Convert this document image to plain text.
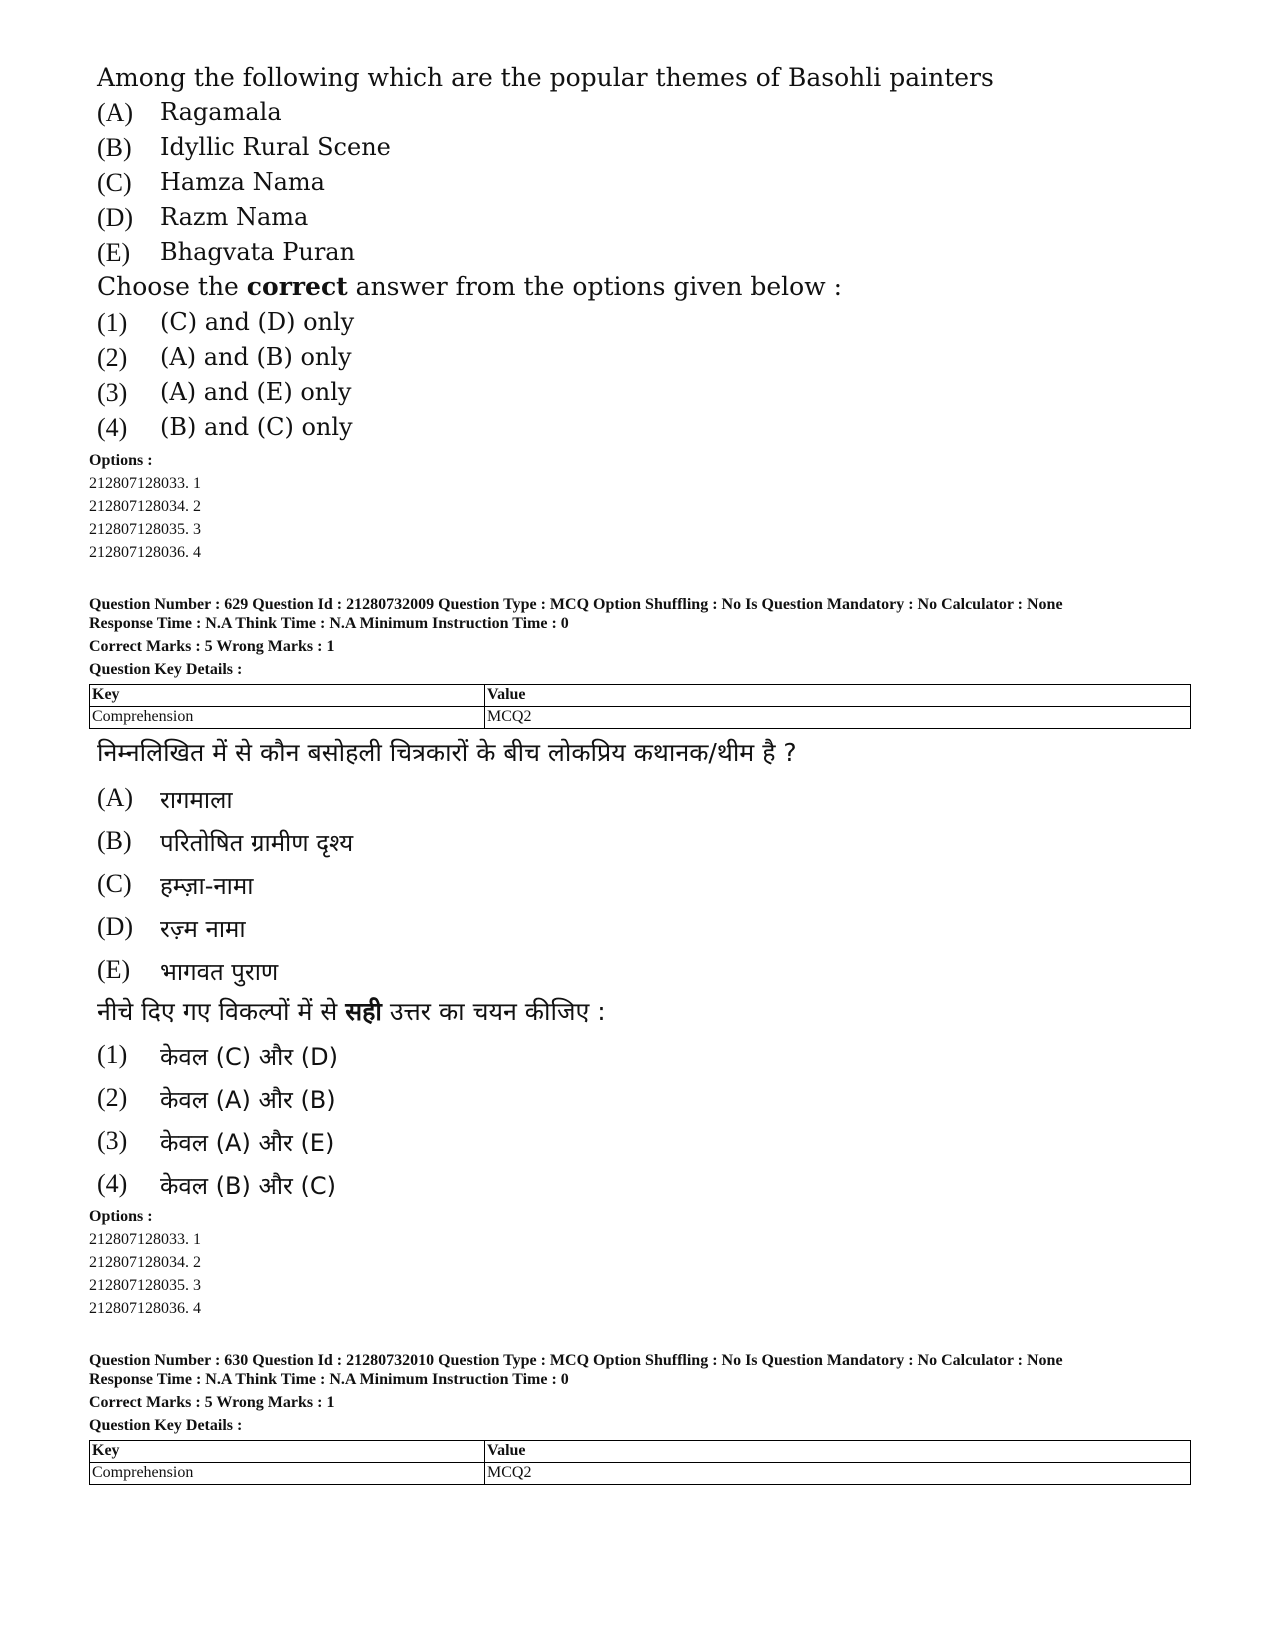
Among the following which are the popular themes of Basohli painters
(A) Ragamala
(B) Idyllic Rural Scene
(C) Hamza Nama
(D) Razm Nama
(E) Bhagvata Puran
Choose the correct answer from the options given below :
(1) (C) and (D) only
(2) (A) and (B) only
(3) (A) and (E) only
(4) (B) and (C) only
Options :
212807128033. 1
212807128034. 2
212807128035. 3
212807128036. 4
Question Number : 629 Question Id : 21280732009 Question Type : MCQ Option Shuffling : No Is Question Mandatory : No Calculator : None
Response Time : N.A Think Time : N.A Minimum Instruction Time : 0
Correct Marks : 5 Wrong Marks : 1
Question Key Details :
Key	Value
Comprehension	MCQ2
निम्नलिखित में से कौन बसोहली चित्रकारों के बीच लोकप्रिय कथानक/थीम है ?
(A) रागमाला
(B) परितोषित ग्रामीण दृश्य
(C) हम्ज़ा-नामा
(D) रज़्म नामा
(E) भागवत पुराण
नीचे दिए गए विकल्पों में से सही उत्तर का चयन कीजिए :
(1) केवल (C) और (D)
(2) केवल (A) और (B)
(3) केवल (A) और (E)
(4) केवल (B) और (C)
Options :
212807128033. 1
212807128034. 2
212807128035. 3
212807128036. 4
Question Number : 630 Question Id : 21280732010 Question Type : MCQ Option Shuffling : No Is Question Mandatory : No Calculator : None
Response Time : N.A Think Time : N.A Minimum Instruction Time : 0
Correct Marks : 5 Wrong Marks : 1
Question Key Details :
Key	Value
Comprehension	MCQ2
